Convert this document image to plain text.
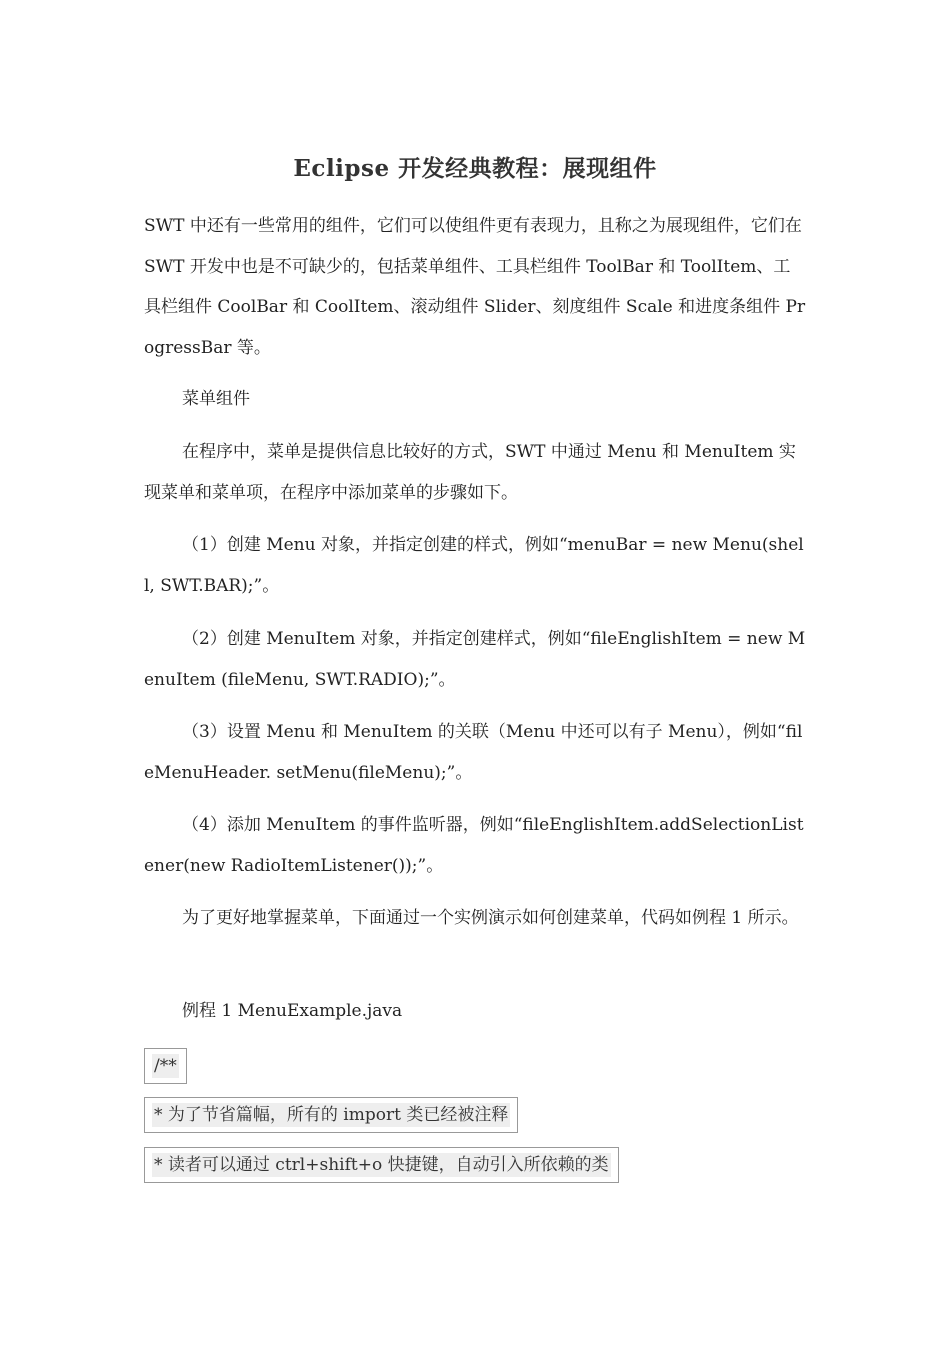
Eclipse 开发经典教程：展现组件

SWT 中还有一些常用的组件，它们可以使组件更有表现力，且称之为展现组件，它们在 SWT 开发中也是不可缺少的，包括菜单组件、工具栏组件 ToolBar 和 ToolItem、工具栏组件 CoolBar 和 CoolItem、滚动组件 Slider、刻度组件 Scale 和进度条组件 ProgressBar 等。

菜单组件

在程序中，菜单是提供信息比较好的方式，SWT 中通过 Menu 和 MenuItem 实现菜单和菜单项，在程序中添加菜单的步骤如下。

（1）创建 Menu 对象，并指定创建的样式，例如“menuBar = new Menu(shell, SWT.BAR);”。

（2）创建 MenuItem 对象，并指定创建样式，例如“fileEnglishItem = new MenuItem (fileMenu, SWT.RADIO);”。

（3）设置 Menu 和 MenuItem 的关联（Menu 中还可以有子 Menu），例如“fileMenuHeader. setMenu(fileMenu);”。

（4）添加 MenuItem 的事件监听器，例如“fileEnglishItem.addSelectionListener(new RadioItemListener());”。

为了更好地掌握菜单，下面通过一个实例演示如何创建菜单，代码如例程 1 所示。

例程 1 MenuExample.java

/**
* 为了节省篇幅，所有的 import 类已经被注释
* 读者可以通过 ctrl+shift+o 快捷键，自动引入所依赖的类
